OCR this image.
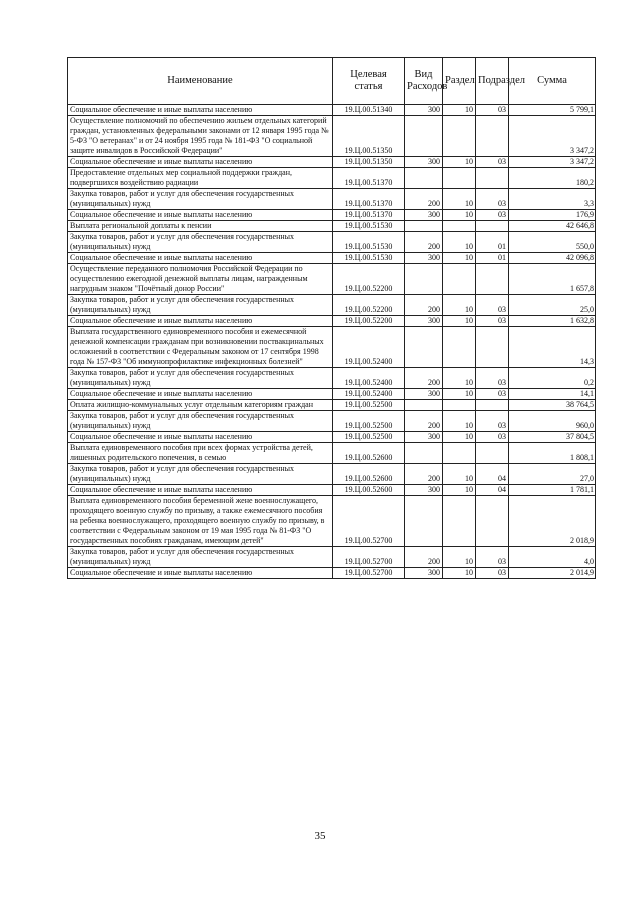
Наименование	Целевая статья	Вид Расходов	Раздел	Подраздел	Сумма
Социальное обеспечение и иные выплаты населению	19.Ц.00.51340	300	10	03	5 799,1
Осуществление полномочий по обеспечению жильем отдельных категорий граждан, установленных федеральными законами от 12 января 1995 года № 5-ФЗ "О ветеранах" и от 24 ноября 1995 года № 181-ФЗ "О социальной защите инвалидов в Российской Федерации"	19.Ц.00.51350				3 347,2
Социальное обеспечение и иные выплаты населению	19.Ц.00.51350	300	10	03	3 347,2
Предоставление отдельных мер социальной поддержки граждан, подвергшихся воздействию радиации	19.Ц.00.51370				180,2
Закупка товаров, работ и услуг для обеспечения государственных (муниципальных) нужд	19.Ц.00.51370	200	10	03	3,3
Социальное обеспечение и иные выплаты населению	19.Ц.00.51370	300	10	03	176,9
Выплата региональной доплаты к пенсии	19.Ц.00.51530				42 646,8
Закупка товаров, работ и услуг для обеспечения государственных (муниципальных) нужд	19.Ц.00.51530	200	10	01	550,0
Социальное обеспечение и иные выплаты населению	19.Ц.00.51530	300	10	01	42 096,8
Осуществление переданного полномочия Российской Федерации по осуществлению ежегодной денежной выплаты лицам, награжденным нагрудным знаком "Почётный донор России"	19.Ц.00.52200				1 657,8
Закупка товаров, работ и услуг для обеспечения государственных (муниципальных) нужд	19.Ц.00.52200	200	10	03	25,0
Социальное обеспечение и иные выплаты населению	19.Ц.00.52200	300	10	03	1 632,8
Выплата государственного единовременного пособия и ежемесячной денежной компенсации гражданам при возникновении поствакцинальных осложнений в соответствии с Федеральным законом от 17 сентября 1998 года № 157-ФЗ "Об иммунопрофилактике инфекционных болезней"	19.Ц.00.52400				14,3
Закупка товаров, работ и услуг для обеспечения государственных (муниципальных) нужд	19.Ц.00.52400	200	10	03	0,2
Социальное обеспечение и иные выплаты населению	19.Ц.00.52400	300	10	03	14,1
Оплата жилищно-коммунальных услуг отдельным категориям граждан	19.Ц.00.52500				38 764,5
Закупка товаров, работ и услуг для обеспечения государственных (муниципальных) нужд	19.Ц.00.52500	200	10	03	960,0
Социальное обеспечение и иные выплаты населению	19.Ц.00.52500	300	10	03	37 804,5
Выплата единовременного пособия при всех формах устройства детей, лишенных родительского попечения, в семью	19.Ц.00.52600				1 808,1
Закупка товаров, работ и услуг для обеспечения государственных (муниципальных) нужд	19.Ц.00.52600	200	10	04	27,0
Социальное обеспечение и иные выплаты населению	19.Ц.00.52600	300	10	04	1 781,1
Выплата единовременного пособия беременной жене военнослужащего, проходящего военную службу по призыву, а также ежемесячного пособия на ребенка военнослужащего, проходящего военную службу по призыву, в соответствии с Федеральным законом от 19 мая 1995 года № 81-ФЗ "О государственных пособиях гражданам, имеющим детей"	19.Ц.00.52700				2 018,9
Закупка товаров, работ и услуг для обеспечения государственных (муниципальных) нужд	19.Ц.00.52700	200	10	03	4,0
Социальное обеспечение и иные выплаты населению	19.Ц.00.52700	300	10	03	2 014,9
35
